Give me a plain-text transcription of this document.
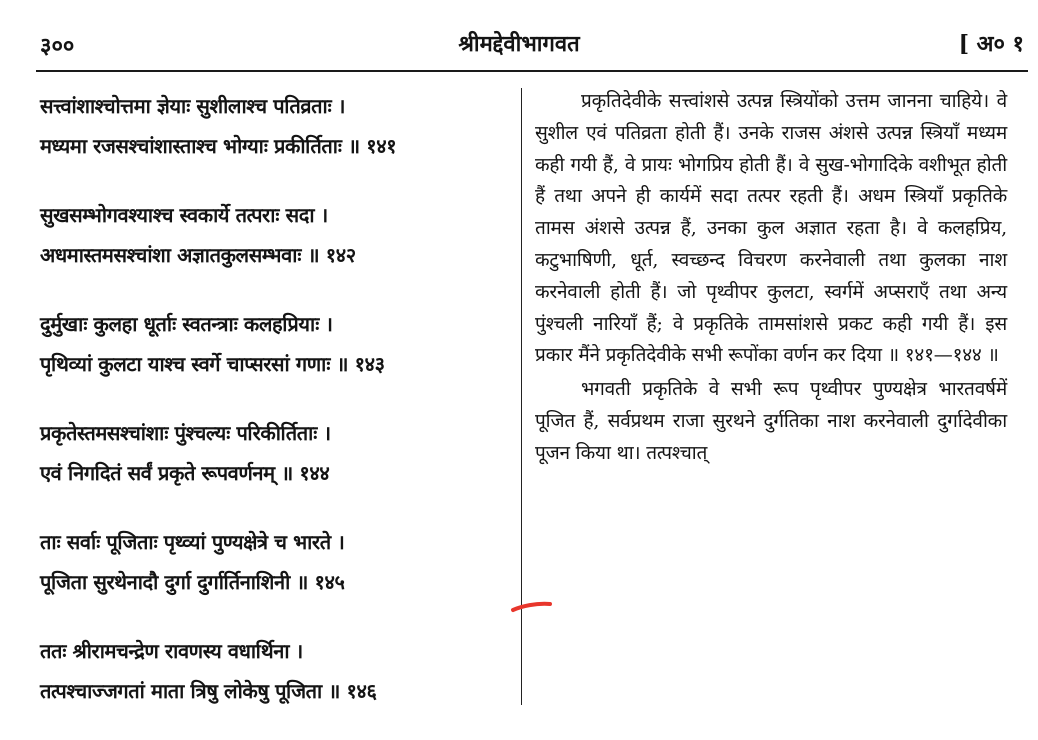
३००	श्रीमद्देवीभागवत	[ अ० १
सत्त्वांशाश्चोत्तमा ज्ञेयाः सुशीलाश्च पतिव्रताः ।
मध्यमा रजसश्चांशास्ताश्च भोग्याः प्रकीर्तिताः ॥ १४१
सुखसम्भोगवश्याश्च स्वकार्ये तत्पराः सदा ।
अधमास्तमसश्चांशा अज्ञातकुलसम्भवाः ॥ १४२
दुर्मुखाः कुलहा धूर्ताः स्वतन्त्राः कलहप्रियाः ।
पृथिव्यां कुलटा याश्च स्वर्गे चाप्सरसां गणाः ॥ १४३
प्रकृतेस्तमसश्चांशाः पुंश्चल्यः परिकीर्तिताः ।
एवं निगदितं सर्वं प्रकृते रूपवर्णनम् ॥ १४४
ताः सर्वाः पूजिताः पृथ्व्यां पुण्यक्षेत्रे च भारते ।
पूजिता सुरथेनादौ दुर्गा दुर्गार्तिनाशिनी ॥ १४५
ततः श्रीरामचन्द्रेण रावणस्य वधार्थिना ।
तत्पश्चाज्जगतां माता त्रिषु लोकेषु पूजिता ॥ १४६

प्रकृतिदेवीके सत्त्वांशसे उत्पन्न स्त्रियोंको उत्तम जानना चाहिये। वे सुशील एवं पतिव्रता होती हैं। उनके राजस अंशसे उत्पन्न स्त्रियाँ मध्यम कही गयी हैं, वे प्रायः भोगप्रिय होती हैं। वे सुख-भोगादिके वशीभूत होती हैं तथा अपने ही कार्यमें सदा तत्पर रहती हैं। अधम स्त्रियाँ प्रकृतिके तामस अंशसे उत्पन्न हैं, उनका कुल अज्ञात रहता है। वे कलहप्रिय, कटुभाषिणी, धूर्त, स्वच्छन्द विचरण करनेवाली तथा कुलका नाश करनेवाली होती हैं। जो पृथ्वीपर कुलटा, स्वर्गमें अप्सराएँ तथा अन्य पुंश्चली नारियाँ हैं; वे प्रकृतिके तामसांशसे प्रकट कही गयी हैं। इस प्रकार मैंने प्रकृतिदेवीके सभी रूपोंका वर्णन कर दिया ॥ १४१—१४४ ॥

भगवती प्रकृतिके वे सभी रूप पृथ्वीपर पुण्यक्षेत्र भारतवर्षमें पूजित हैं, सर्वप्रथम राजा सुरथने दुर्गतिका नाश करनेवाली दुर्गादेवीका पूजन किया था। तत्पश्चात्
